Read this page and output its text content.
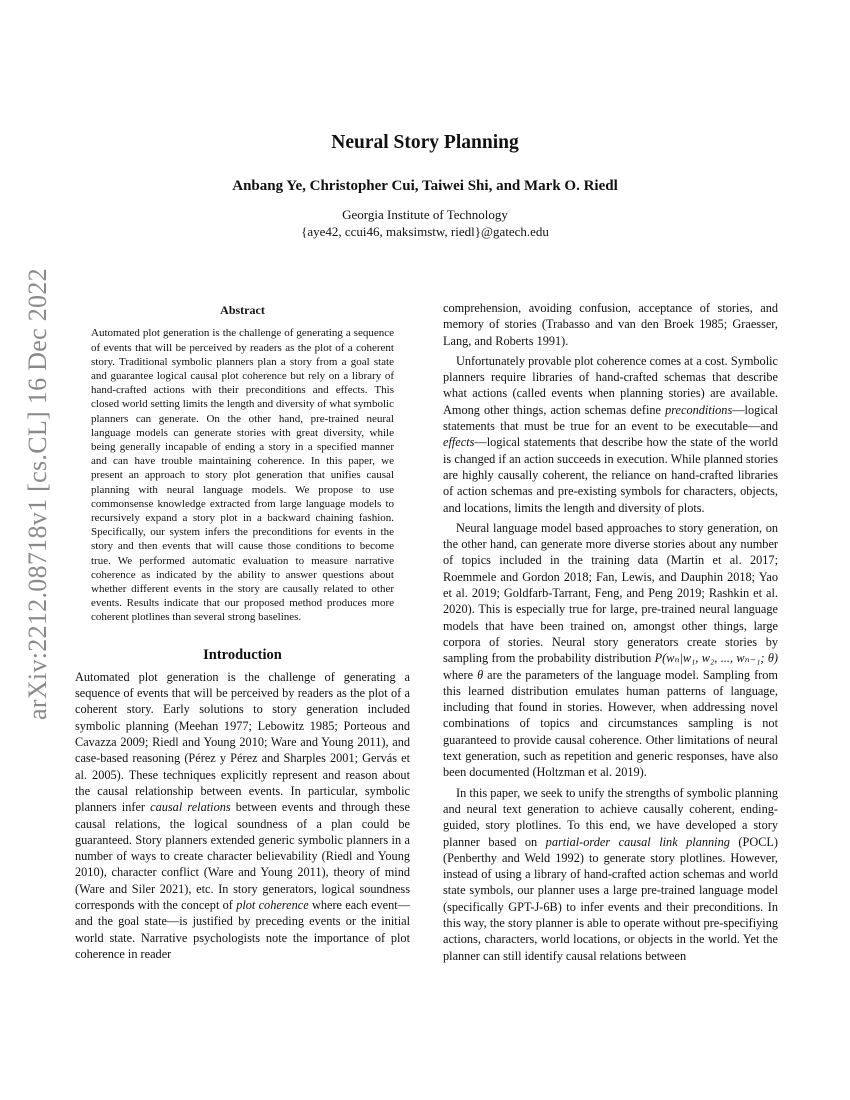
arXiv:2212.08718v1 [cs.CL] 16 Dec 2022
Neural Story Planning
Anbang Ye, Christopher Cui, Taiwei Shi, and Mark O. Riedl
Georgia Institute of Technology
{aye42, ccui46, maksimstw, riedl}@gatech.edu
Abstract

Automated plot generation is the challenge of generating a sequence of events that will be perceived by readers as the plot of a coherent story. Traditional symbolic planners plan a story from a goal state and guarantee logical causal plot coherence but rely on a library of hand-crafted actions with their preconditions and effects. This closed world setting limits the length and diversity of what symbolic planners can generate. On the other hand, pre-trained neural language models can generate stories with great diversity, while being generally incapable of ending a story in a specified manner and can have trouble maintaining coherence. In this paper, we present an approach to story plot generation that unifies causal planning with neural language models. We propose to use commonsense knowledge extracted from large language models to recursively expand a story plot in a backward chaining fashion. Specifically, our system infers the preconditions for events in the story and then events that will cause those conditions to become true. We performed automatic evaluation to measure narrative coherence as indicated by the ability to answer questions about whether different events in the story are causally related to other events. Results indicate that our proposed method produces more coherent plotlines than several strong baselines.

Introduction

Automated plot generation is the challenge of generating a sequence of events that will be perceived by readers as the plot of a coherent story. Early solutions to story generation included symbolic planning (Meehan 1977; Lebowitz 1985; Porteous and Cavazza 2009; Riedl and Young 2010; Ware and Young 2011), and case-based reasoning (Pérez y Pérez and Sharples 2001; Gervás et al. 2005). These techniques explicitly represent and reason about the causal relationship between events. In particular, symbolic planners infer causal relations between events and through these causal relations, the logical soundness of a plan could be guaranteed. Story planners extended generic symbolic planners in a number of ways to create character believability (Riedl and Young 2010), character conflict (Ware and Young 2011), theory of mind (Ware and Siler 2021), etc. In story generators, logical soundness corresponds with the concept of plot coherence where each event—and the goal state—is justified by preceding events or the initial world state. Narrative psychologists note the importance of plot coherence in reader

comprehension, avoiding confusion, acceptance of stories, and memory of stories (Trabasso and van den Broek 1985; Graesser, Lang, and Roberts 1991).

Unfortunately provable plot coherence comes at a cost. Symbolic planners require libraries of hand-crafted schemas that describe what actions (called events when planning stories) are available. Among other things, action schemas define preconditions—logical statements that must be true for an event to be executable—and effects—logical statements that describe how the state of the world is changed if an action succeeds in execution. While planned stories are highly causally coherent, the reliance on hand-crafted libraries of action schemas and pre-existing symbols for characters, objects, and locations, limits the length and diversity of plots.

Neural language model based approaches to story generation, on the other hand, can generate more diverse stories about any number of topics included in the training data (Martin et al. 2017; Roemmele and Gordon 2018; Fan, Lewis, and Dauphin 2018; Yao et al. 2019; Goldfarb-Tarrant, Feng, and Peng 2019; Rashkin et al. 2020). This is especially true for large, pre-trained neural language models that have been trained on, amongst other things, large corpora of stories. Neural story generators create stories by sampling from the probability distribution P(wₙ|w₁, w₂, ..., wₙ₋₁; θ) where θ are the parameters of the language model. Sampling from this learned distribution emulates human patterns of language, including that found in stories. However, when addressing novel combinations of topics and circumstances sampling is not guaranteed to provide causal coherence. Other limitations of neural text generation, such as repetition and generic responses, have also been documented (Holtzman et al. 2019).

In this paper, we seek to unify the strengths of symbolic planning and neural text generation to achieve causally coherent, ending-guided, story plotlines. To this end, we have developed a story planner based on partial-order causal link planning (POCL) (Penberthy and Weld 1992) to generate story plotlines. However, instead of using a library of hand-crafted action schemas and world state symbols, our planner uses a large pre-trained language model (specifically GPT-J-6B) to infer events and their preconditions. In this way, the story planner is able to operate without pre-specifiying actions, characters, world locations, or objects in the world. Yet the planner can still identify causal relations between
